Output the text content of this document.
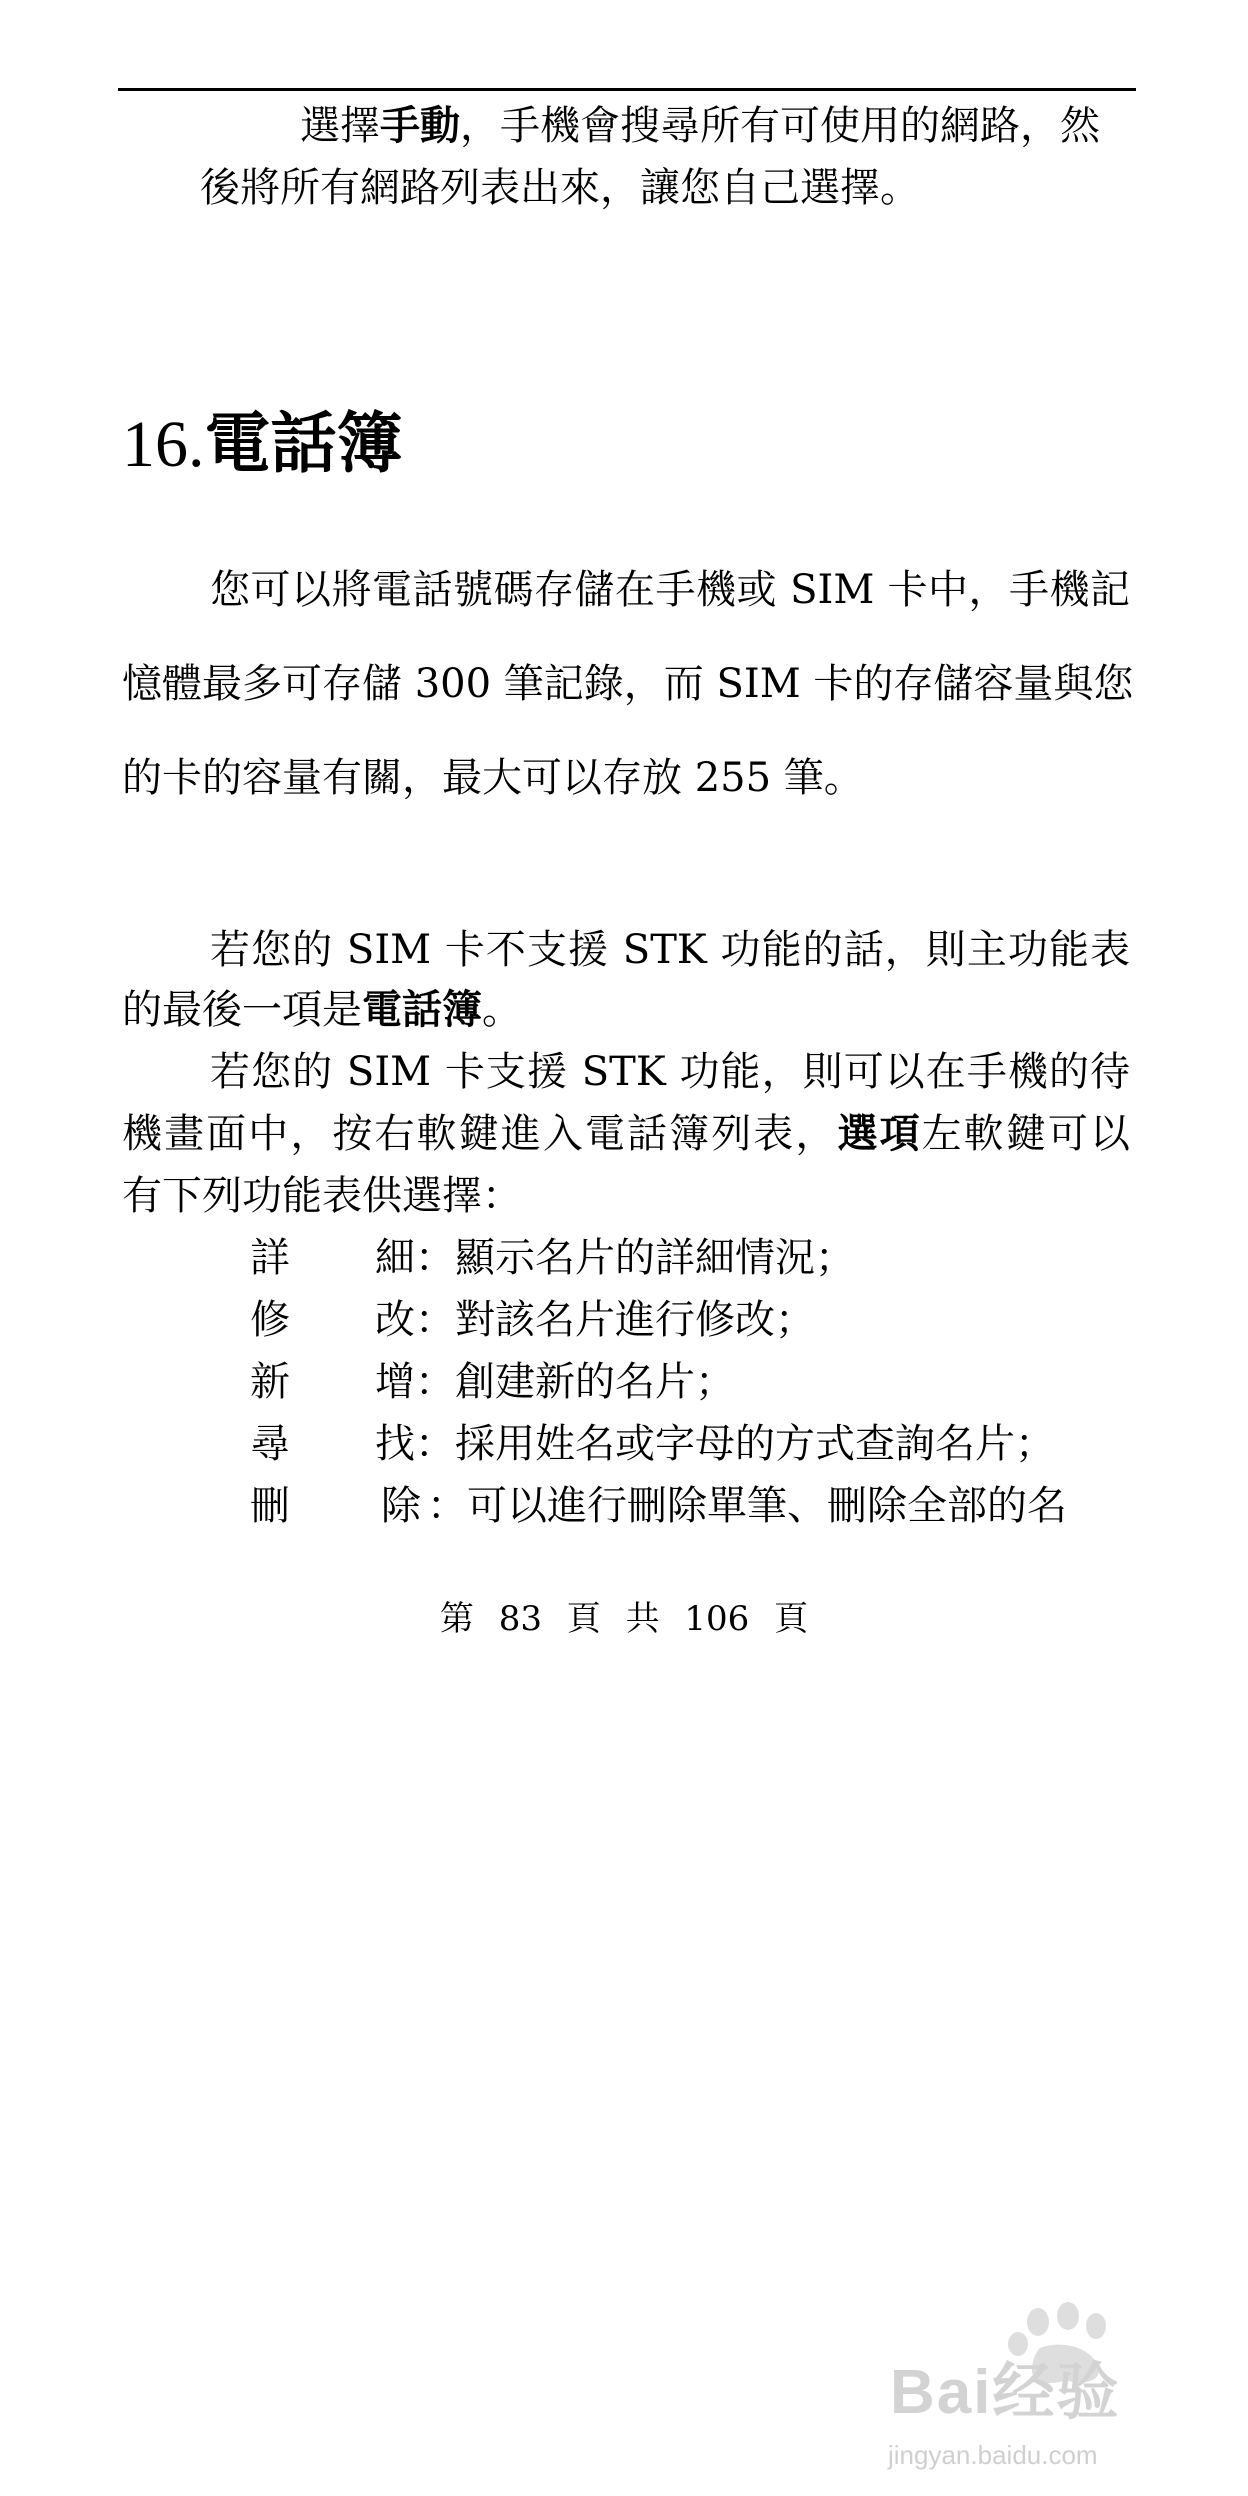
選擇手動，手機會搜尋所有可使用的網路，然
後將所有網路列表出來，讓您自己選擇。
16.電話簿
您可以將電話號碼存儲在手機或 SIM 卡中，手機記
憶體最多可存儲 300 筆記錄，而 SIM 卡的存儲容量與您
的卡的容量有關，最大可以存放 255 筆。
若您的 SIM 卡不支援 STK 功能的話，則主功能表
的最後一項是電話簿。
若您的 SIM 卡支援 STK 功能，則可以在手機的待
機畫面中，按右軟鍵進入電話簿列表，選項左軟鍵可以
有下列功能表供選擇：
詳 細：顯示名片的詳細情況；
修 改：對該名片進行修改；
新 增：創建新的名片；
尋 找：採用姓名或字母的方式查詢名片；
刪 除 ：可以進行刪除單筆、刪除全部的名
第 83 頁 共 106 頁
Bai经验
jingyan.baidu.com
